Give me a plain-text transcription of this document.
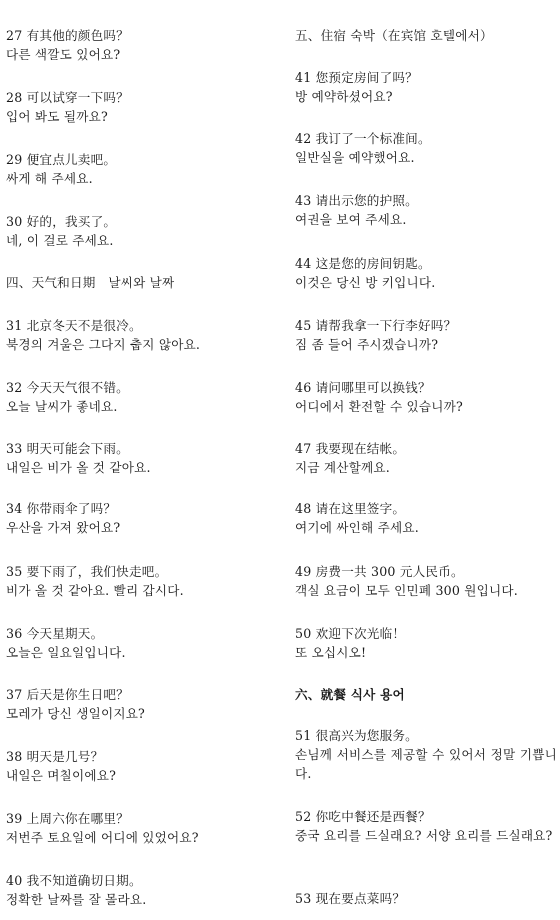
27 有其他的颜色吗？
다른 색깔도 있어요?
28 可以试穿一下吗？
입어 봐도 될까요?
29 便宜点儿卖吧。
싸게 해 주세요.
30 好的，我买了。
네, 이 걸로 주세요.
四、天气和日期　날씨와 날짜
31 北京冬天不是很冷。
북경의 겨울은 그다지 춥지 않아요.
32 今天天气很不错。
오늘 날씨가 좋네요.
33 明天可能会下雨。
내일은 비가 올 것 같아요.
34 你带雨伞了吗？
우산을 가져 왔어요?
35 要下雨了，我们快走吧。
비가 올 것 같아요. 빨리 갑시다.
36 今天星期天。
오늘은 일요일입니다.
37 后天是你生日吧？
모레가 당신 생일이지요?
38 明天是几号？
내일은 며칠이에요?
39 上周六你在哪里？
저번주 토요일에 어디에 있었어요?
40 我不知道确切日期。
정확한 날짜를 잘 몰라요.
五、住宿 숙박（在宾馆 호텔에서）
41 您预定房间了吗？
방 예약하셨어요?
42 我订了一个标准间。
일반실을 예약했어요.
43 请出示您的护照。
여권을 보여 주세요.
44 这是您的房间钥匙。
이것은 당신 방 키입니다.
45 请帮我拿一下行李好吗？
짐 좀 들어 주시겠습니까?
46 请问哪里可以换钱？
어디에서 환전할 수 있습니까?
47 我要现在结帐。
지금 계산할께요.
48 请在这里签字。
여기에 싸인해 주세요.
49 房费一共 300 元人民币。
객실 요금이 모두 인민폐 300 원입니다.
50 欢迎下次光临！
또 오십시오!
六、就餐 식사 용어
51 很高兴为您服务。
손님께 서비스를 제공할 수 있어서 정말 기쁩니다.
52 你吃中餐还是西餐？
중국 요리를 드실래요? 서양 요리를 드실래요?
53 现在要点菜吗？
